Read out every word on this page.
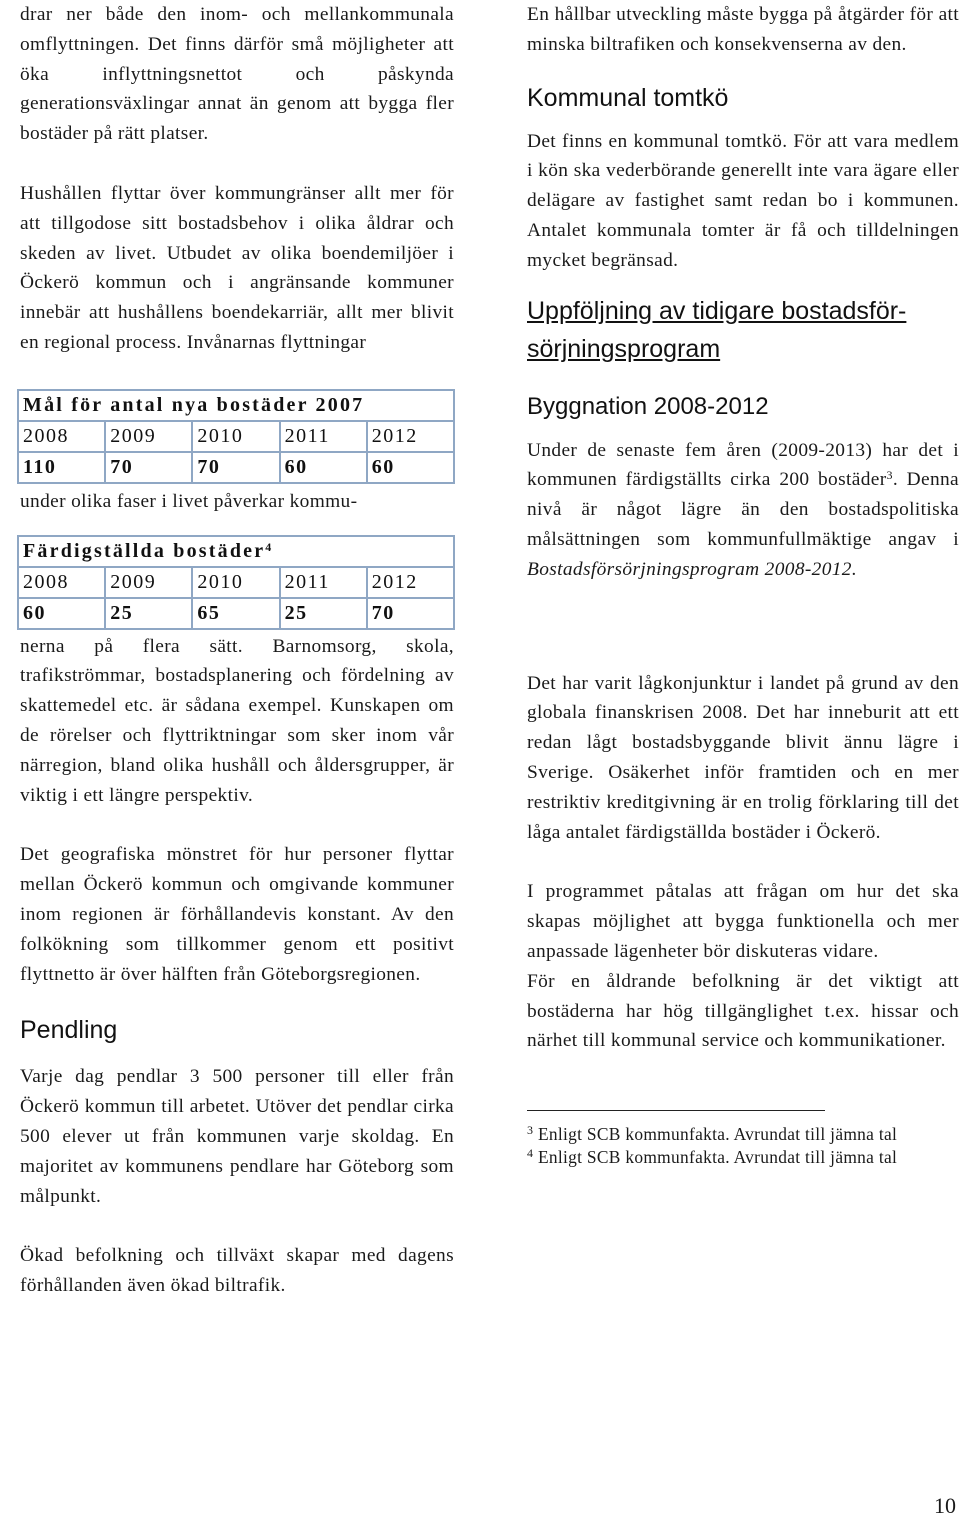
drar ner både den inom- och mellankommunala omflyttningen. Det finns därför små möjligheter att öka inflyttningsnettot och påskynda generationsväxlingar annat än genom att bygga fler bostäder på rätt platser.

Hushållen flyttar över kommungränser allt mer för att tillgodose sitt bostadsbehov i olika åldrar och skeden av livet. Utbudet av olika boendemiljöer i Öckerö kommun och i angränsande kommuner innebär att hushållens boendekarriär, allt mer blivit en regional process. Invånarnas flyttningar

Mål för antal nya bostäder 2007				
2008	2009	2010	2011	2012
110	70	70	60	60

under olika faser i livet påverkar kommu-

Färdigställda bostäder$^4$
2008	2009	2010	2011	2012
60	25	65	25	70

nerna på flera sätt. Barnomsorg, skola, trafikströmmar, bostadsplanering och fördelning av skattemedel etc. är sådana exempel. Kunskapen om de rörelser och flyttriktningar som sker inom vår närregion, bland olika hushåll och åldersgrupper, är viktig i ett längre perspektiv.

Det geografiska mönstret för hur personer flyttar mellan Öckerö kommun och omgivande kommuner inom regionen är förhållandevis konstant. Av den folkökning som tillkommer genom ett positivt flyttnetto är över hälften från Göteborgsregionen.

Pendling

Varje dag pendlar 3 500 personer till eller från Öckerö kommun till arbetet. Utöver det pendlar cirka 500 elever ut från kommunen varje skoldag. En majoritet av kommunens pendlare har Göteborg som målpunkt.

Ökad befolkning och tillväxt skapar med dagens förhållanden även ökad biltrafik.

En hållbar utveckling måste bygga på åtgärder för att minska biltrafiken och konsekvenserna av den.

Kommunal tomtkö

Det finns en kommunal tomtkö. För att vara medlem i kön ska vederbörande generellt inte vara ägare eller delägare av fastighet samt redan bo i kommunen. Antalet kommunala tomter är få och tilldelningen mycket begränsad.

Uppföljning av tidigare bostadsför-
sörjningsprogram
Byggnation 2008-2012

Under de senaste fem åren (2009-2013) har det i kommunen färdigställts cirka 200 bostäder$^3$. Denna nivå är något lägre än den bostadspolitiska målsättningen som kommunfullmäktige angav i Bostadsförsörjningsprogram 2008-2012.

Det har varit lågkonjunktur i landet på grund av den globala finanskrisen 2008. Det har inneburit att ett redan lågt bostadsbyggande blivit ännu lägre i Sverige. Osäkerhet inför framtiden och en mer restriktiv kreditgivning är en trolig förklaring till det låga antalet färdigställda bostäder i Öckerö.

I programmet påtalas att frågan om hur det ska skapas möjlighet att bygga funktionella och mer anpassade lägenheter bör diskuteras vidare.

För en åldrande befolkning är det viktigt att bostäderna har hög tillgänglighet t.ex. hissar och närhet till kommunal service och kommunikationer.

$^3$ Enligt SCB kommunfakta. Avrundat till jämna tal

$^4$ Enligt SCB kommunfakta. Avrundat till jämna tal

10
